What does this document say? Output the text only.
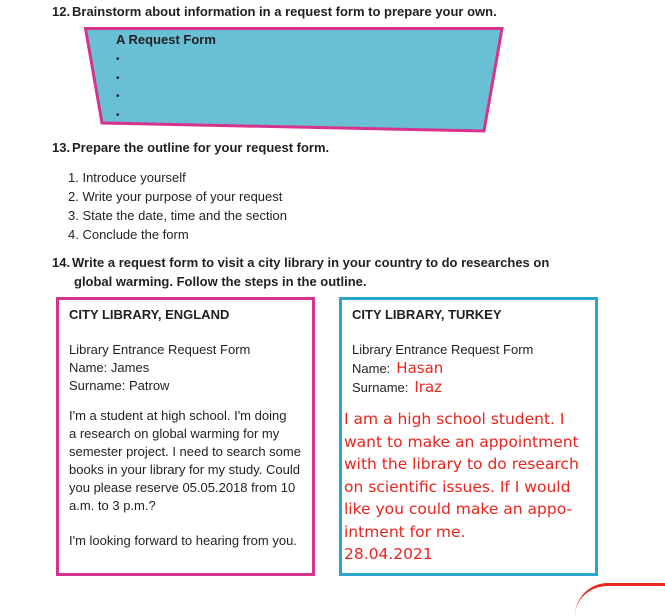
12. Brainstorm about information in a request form to prepare your own.
A Request Form
•
•
•
•
13. Prepare the outline for your request form.
1. Introduce yourself
2. Write your purpose of your request
3. State the date, time and the section
4. Conclude the form
14. Write a request form to visit a city library in your country to do researches on
global warming. Follow the steps in the outline.
CITY LIBRARY, ENGLAND
Library Entrance Request Form
Name: James
Surname: Patrow
I'm a student at high school. I'm doing
a research on global warming for my
semester project. I need to search some
books in your library for my study. Could
you please reserve 05.05.2018 from 10
a.m. to 3 p.m.?
I'm looking forward to hearing from you.
CITY LIBRARY, TURKEY
Library Entrance Request Form
Name: Hasan
Surname: Iraz
I am a high school student. I
want to make an appointment
with the library to do research
on scientific issues. If I would
like you could make an appo-
intment for me.
28.04.2021
